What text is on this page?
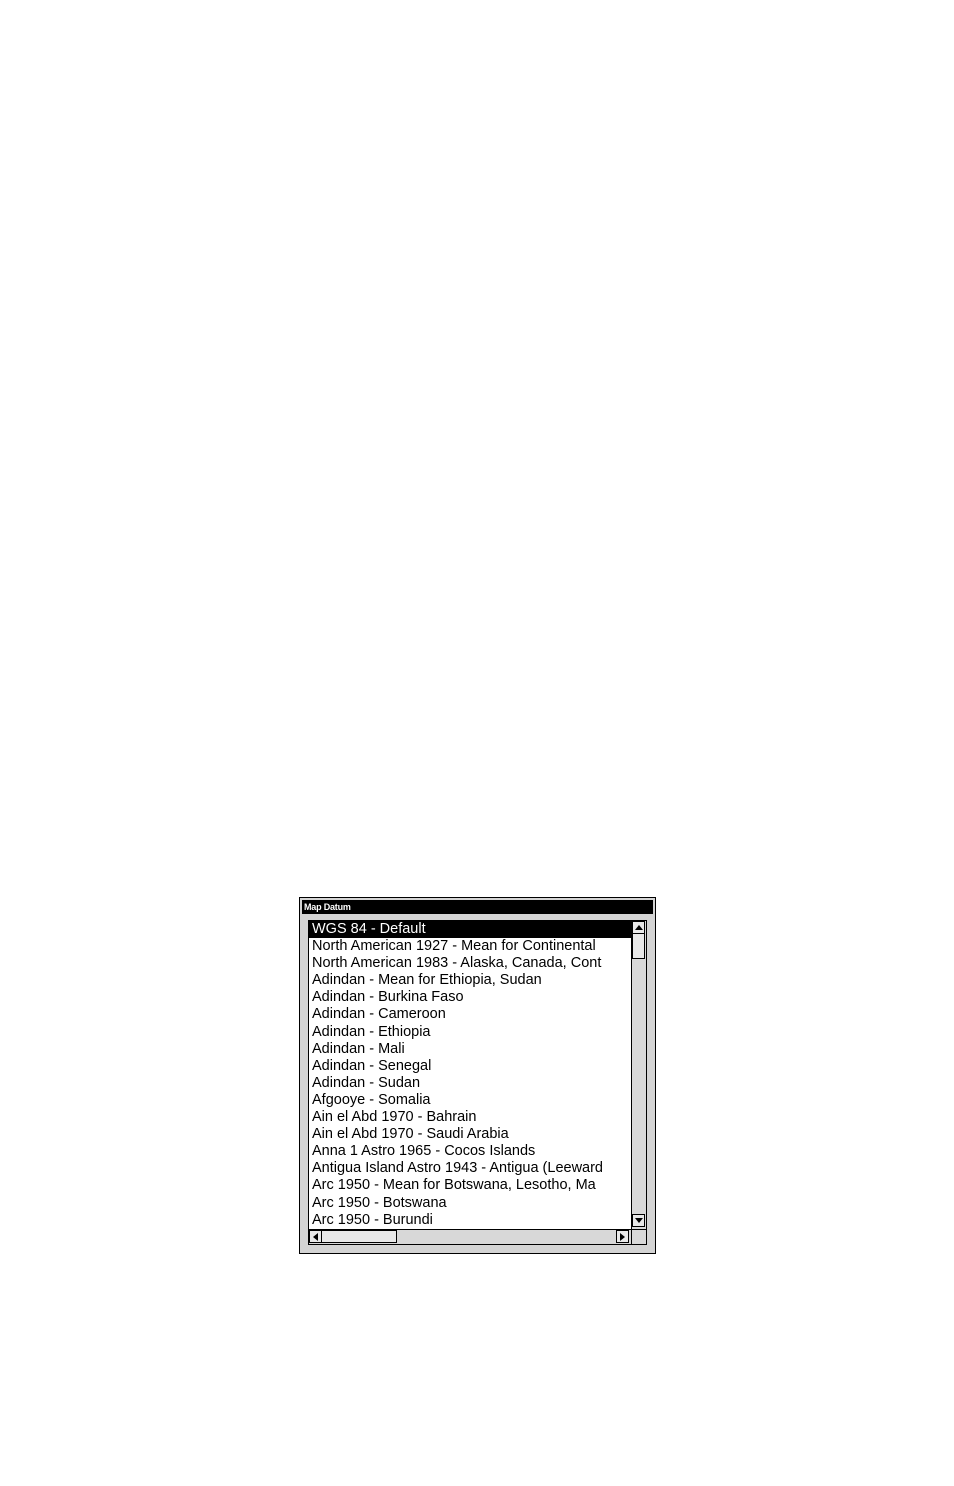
Map Datum
WGS 84 - Default
North American 1927 - Mean for Continental
North American 1983 - Alaska, Canada, Cont
Adindan - Mean for Ethiopia, Sudan
Adindan - Burkina Faso
Adindan - Cameroon
Adindan - Ethiopia
Adindan - Mali
Adindan - Senegal
Adindan - Sudan
Afgooye - Somalia
Ain el Abd 1970 - Bahrain
Ain el Abd 1970 - Saudi Arabia
Anna 1 Astro 1965 - Cocos Islands
Antigua Island Astro 1943 - Antigua (Leeward
Arc 1950 - Mean for Botswana, Lesotho, Ma
Arc 1950 - Botswana
Arc 1950 - Burundi
